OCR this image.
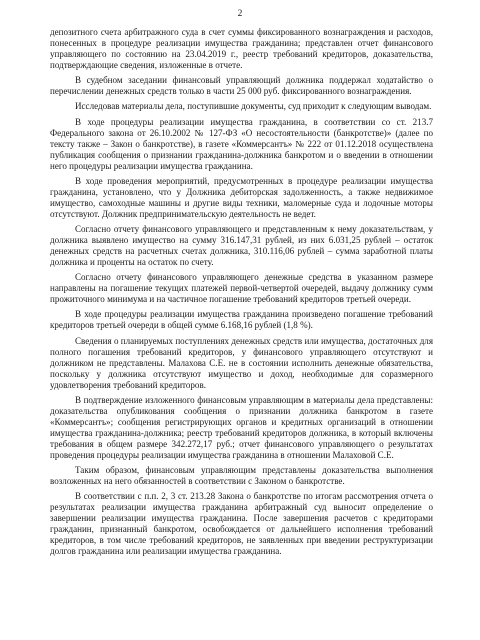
2

депозитного счета арбитражного суда в счет суммы фиксированного вознаграждения и расходов, понесенных в процедуре реализации имущества гражданина; представлен отчет финансового управляющего по состоянию на 23.04.2019 г., реестр требований кредиторов, доказательства, подтверждающие сведения, изложенные в отчете.

В судебном заседании финансовый управляющий должника поддержал ходатайство о перечислении денежных средств только в части 25 000 руб. фиксированного вознаграждения.

Исследовав материалы дела, поступившие документы, суд приходит к следующим выводам.

В ходе процедуры реализации имущества гражданина, в соответствии со ст. 213.7 Федерального закона от 26.10.2002 № 127-ФЗ «О несостоятельности (банкротстве)» (далее по тексту также – Закон о банкротстве), в газете «Коммерсантъ» № 222 от 01.12.2018 осуществлена публикация сообщения о признании гражданина-должника банкротом и о введении в отношении него процедуры реализации имущества гражданина.

В ходе проведения мероприятий, предусмотренных в процедуре реализации имущества гражданина, установлено, что у Должника дебиторская задолженность, а также недвижимое имущество, самоходные машины и другие виды техники, маломерные суда и лодочные моторы отсутствуют. Должник предпринимательскую деятельность не ведет.

Согласно отчету финансового управляющего и представленным к нему доказательствам, у должника выявлено имущество на сумму 316.147,31 рублей, из них 6.031,25 рублей – остаток денежных средств на расчетных счетах должника, 310.116,06 рублей – сумма заработной платы должника и проценты на остаток по счету.

Согласно отчету финансового управляющего денежные средства в указанном размере направлены на погашение текущих платежей первой-четвертой очередей, выдачу должнику сумм прожиточного минимума и на частичное погашение требований кредиторов третьей очереди.

В ходе процедуры реализации имущества гражданина произведено погашение требований кредиторов третьей очереди в общей сумме 6.168,16 рублей (1,8 %).

Сведения о планируемых поступлениях денежных средств или имущества, достаточных для полного погашения требований кредиторов, у финансового управляющего отсутствуют и должником не представлены. Малахова С.Е. не в состоянии исполнить денежные обязательства, поскольку у должника отсутствуют имущество и доход, необходимые для соразмерного удовлетворения требований кредиторов.

В подтверждение изложенного финансовым управляющим в материалы дела представлены: доказательства опубликования сообщения о признании должника банкротом в газете «Коммерсантъ»; сообщения регистрирующих органов и кредитных организаций в отношении имущества гражданина-должника; реестр требований кредиторов должника, в который включены требования в общем размере 342.272,17 руб.; отчет финансового управляющего о результатах проведения процедуры реализации имущества гражданина в отношении Малаховой С.Е.

Таким образом, финансовым управляющим представлены доказательства выполнения возложенных на него обязанностей в соответствии с Законом о банкротстве.

В соответствии с п.п. 2, 3 ст. 213.28 Закона о банкротстве по итогам рассмотрения отчета о результатах реализации имущества гражданина арбитражный суд выносит определение о завершении реализации имущества гражданина. После завершения расчетов с кредиторами гражданин, признанный банкротом, освобождается от дальнейшего исполнения требований кредиторов, в том числе требований кредиторов, не заявленных при введении реструктуризации долгов гражданина или реализации имущества гражданина.
